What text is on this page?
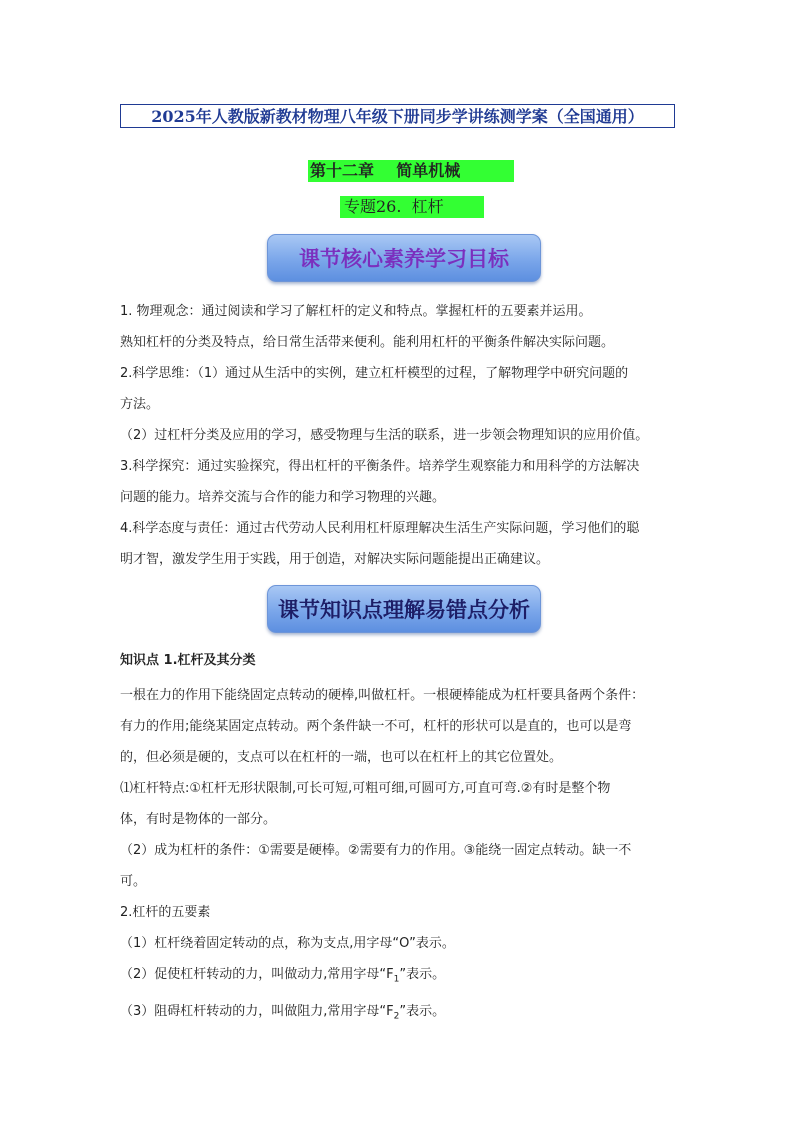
2025年人教版新教材物理八年级下册同步学讲练测学案（全国通用）
第十二章    简单机械
专题26.  杠杆
课节核心素养学习目标
1. 物理观念：通过阅读和学习了解杠杆的定义和特点。掌握杠杆的五要素并运用。
熟知杠杆的分类及特点，给日常生活带来便利。能利用杠杆的平衡条件解决实际问题。
2.科学思维：（1）通过从生活中的实例，建立杠杆模型的过程，了解物理学中研究问题的
方法。
（2）过杠杆分类及应用的学习，感受物理与生活的联系，进一步领会物理知识的应用价值。
3.科学探究：通过实验探究，得出杠杆的平衡条件。培养学生观察能力和用科学的方法解决
问题的能力。培养交流与合作的能力和学习物理的兴趣。
4.科学态度与责任：通过古代劳动人民利用杠杆原理解决生活生产实际问题，学习他们的聪
明才智，激发学生用于实践，用于创造，对解决实际问题能提出正确建议。
课节知识点理解易错点分析
知识点 1.杠杆及其分类
一根在力的作用下能绕固定点转动的硬棒,叫做杠杆。一根硬棒能成为杠杆要具备两个条件：
有力的作用;能绕某固定点转动。两个条件缺一不可，杠杆的形状可以是直的，也可以是弯
的，但必须是硬的，支点可以在杠杆的一端，也可以在杠杆上的其它位置处。
⑴杠杆特点:①杠杆无形状限制,可长可短,可粗可细,可圆可方,可直可弯.②有时是整个物
体，有时是物体的一部分。
（2）成为杠杆的条件：①需要是硬棒。②需要有力的作用。③能绕一固定点转动。缺一不
可。
2.杠杆的五要素
（1）杠杆绕着固定转动的点，称为支点,用字母“O”表示。
（2）促使杠杆转动的力，叫做动力,常用字母“$F_1$”表示。
（3）阻碍杠杆转动的力，叫做阻力,常用字母“$F_2$”表示。
